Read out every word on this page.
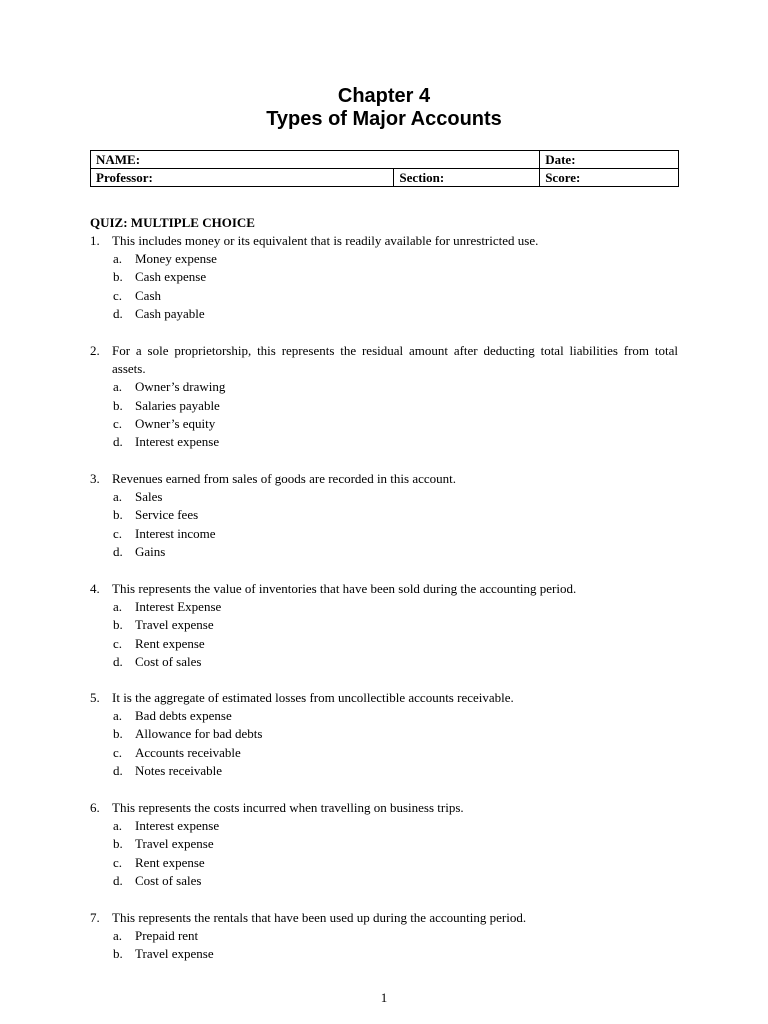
Chapter 4
Types of Major Accounts
NAME:		Date:
Professor:	Section:	Score:
QUIZ: MULTIPLE CHOICE
1. This includes money or its equivalent that is readily available for unrestricted use.
a. Money expense
b. Cash expense
c. Cash
d. Cash payable
2. For a sole proprietorship, this represents the residual amount after deducting total liabilities from total assets.
a. Owner’s drawing
b. Salaries payable
c. Owner’s equity
d. Interest expense
3. Revenues earned from sales of goods are recorded in this account.
a. Sales
b. Service fees
c. Interest income
d. Gains
4. This represents the value of inventories that have been sold during the accounting period.
a. Interest Expense
b. Travel expense
c. Rent expense
d. Cost of sales
5. It is the aggregate of estimated losses from uncollectible accounts receivable.
a. Bad debts expense
b. Allowance for bad debts
c. Accounts receivable
d. Notes receivable
6. This represents the costs incurred when travelling on business trips.
a. Interest expense
b. Travel expense
c. Rent expense
d. Cost of sales
7. This represents the rentals that have been used up during the accounting period.
a. Prepaid rent
b. Travel expense
1
